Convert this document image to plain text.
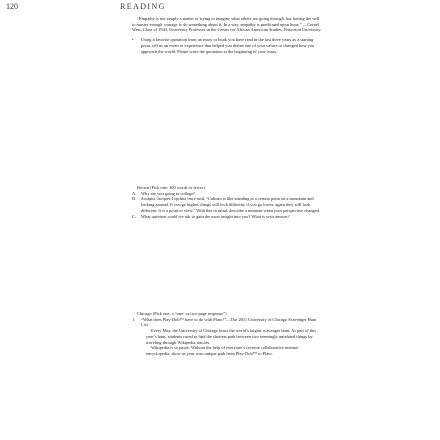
120	READING

“Empathy is not simply a matter of trying to imagine what others are going through, but having the will to muster enough courage to do something about it. In a way, empathy is predicated upon hope.” —Cornel West, Class of 1943, University Professor in the Center for African American Studies, Princeton University.

• Using a favorite quotation from an essay or book you have read in the last three years as a starting point, tell us an event or experience that helped you define one of your values or changed how you approach the world. Please write the quotation at the beginning of your essay.

Brown (Pick one; 300 words or fewer)

A. Why are you going to college?
B. Sculptor Jacques Lipchitz once said, “Cubism is like standing at a certain point on a mountain and looking around. If you go higher, things will look different; if you go lower, again they will look different. It is a point of view.” With this in mind, describe a moment when your perspective changed.
C. What question could we ask to gain the most insight into you? What is your answer?

Chicago (Pick one; a “one- or two-page response”)

1. “What does Play-Doh™ have to do with Plato?”—The 2011 University of Chicago Scavenger Hunt List

Every May, the University of Chicago hosts the world’s largest scavenger hunt. As part of this year’s hunt, students raced to find the shortest path between two seemingly unrelated things by traveling through Wikipedia articles.

Wikipedia is so passé. Without the help of everyone’s favorite collaborative internet encyclopedia, show us your own unique path from Play-Doh™ to Plato.
